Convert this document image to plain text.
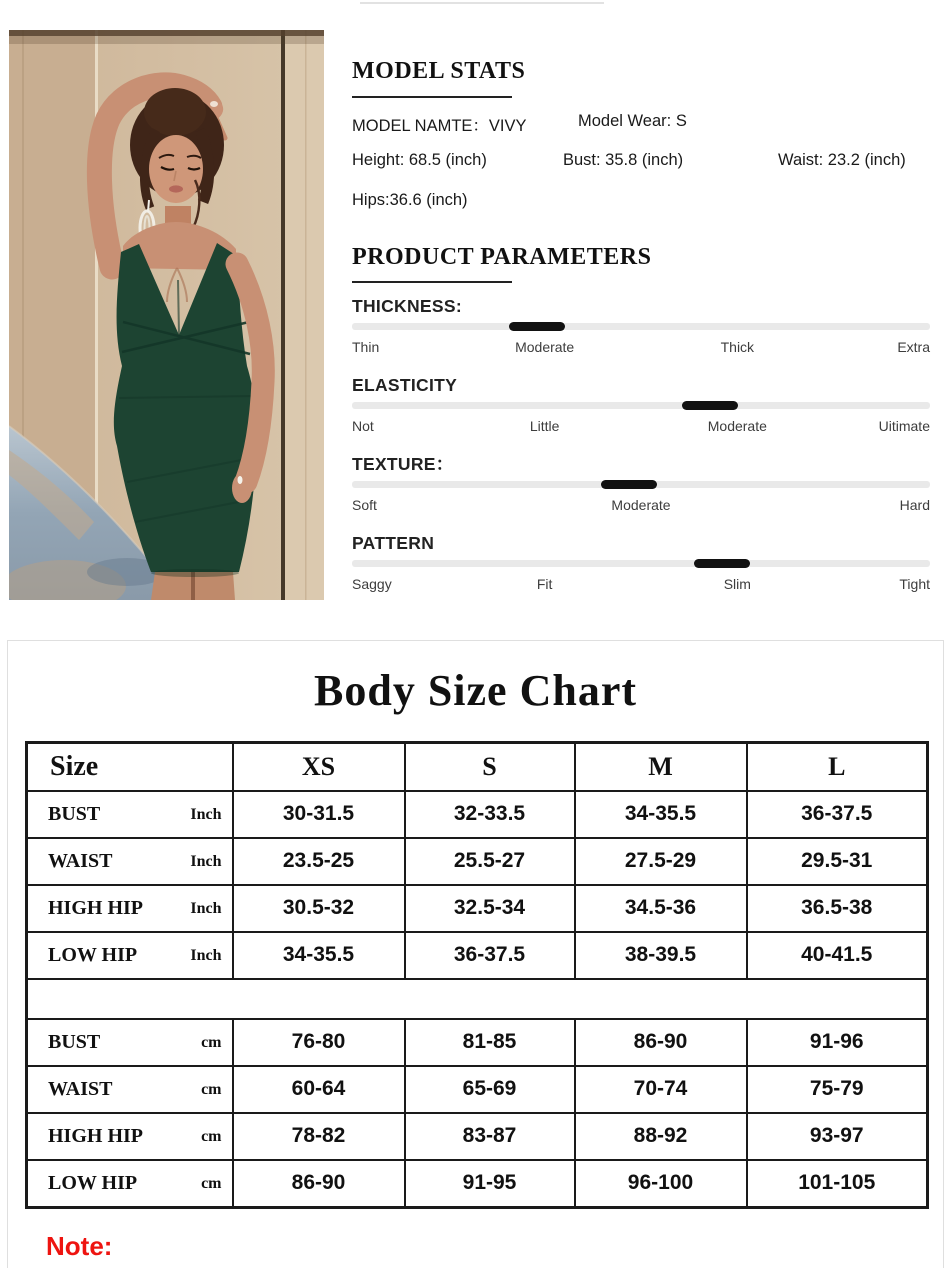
MODEL STATS
MODEL NAMTE：VIVY	Model Wear: S
Height: 68.5 (inch)	Bust: 35.8 (inch)	Waist: 23.2 (inch)
Hips:36.6 (inch)
PRODUCT PARAMETERS
THICKNESS:
Thin	Moderate	Thick	Extra
ELASTICITY
Not	Little	Moderate	Uitimate
TEXTURE：
Soft	Moderate	Hard
PATTERN
Saggy	Fit	Slim	Tight
Body Size Chart
Size	XS	S	M	L

BUST Inch	30-31.5	32-33.5	34-35.5	36-37.5

WAIST Inch	23.5-25	25.5-27	27.5-29	29.5-31

HIGH HIP Inch	30.5-32	32.5-34	34.5-36	36.5-38

LOW HIP Inch	34-35.5	36-37.5	38-39.5	40-41.5

BUST cm	76-80	81-85	86-90	91-96

WAIST cm	60-64	65-69	70-74	75-79

HIGH HIP cm	78-82	83-87	88-92	93-97

LOW HIP cm	86-90	91-95	96-100	101-105
Note:
